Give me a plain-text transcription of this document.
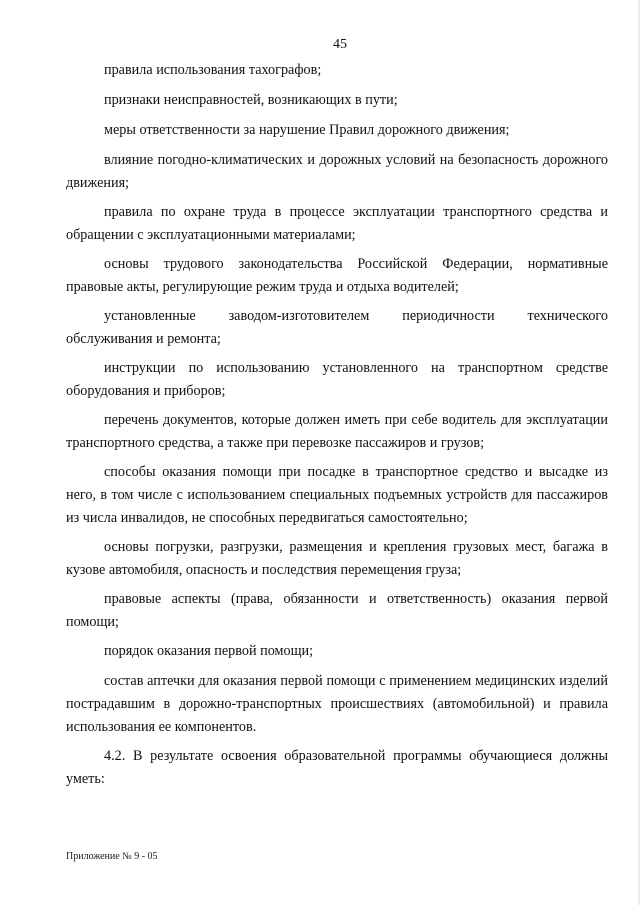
45

правила использования тахографов;

признаки неисправностей, возникающих в пути;

меры ответственности за нарушение Правил дорожного движения;

влияние погодно-климатических и дорожных условий на безопасность дорожного движения;

правила по охране труда в процессе эксплуатации транспортного средства и обращении с эксплуатационными материалами;

основы трудового законодательства Российской Федерации, нормативные правовые акты, регулирующие режим труда и отдыха водителей;

установленные заводом-изготовителем периодичности технического обслуживания и ремонта;

инструкции по использованию установленного на транспортном средстве оборудования и приборов;

перечень документов, которые должен иметь при себе водитель для эксплуатации транспортного средства, а также при перевозке пассажиров и грузов;

способы оказания помощи при посадке в транспортное средство и высадке из него, в том числе с использованием специальных подъемных устройств для пассажиров из числа инвалидов, не способных передвигаться самостоятельно;

основы погрузки, разгрузки, размещения и крепления грузовых мест, багажа в кузове автомобиля, опасность и последствия перемещения груза;

правовые аспекты (права, обязанности и ответственность) оказания первой помощи;

порядок оказания первой помощи;

состав аптечки для оказания первой помощи с применением медицинских изделий пострадавшим в дорожно-транспортных происшествиях (автомобильной) и правила использования ее компонентов.

4.2. В результате освоения образовательной программы обучающиеся должны уметь:

Приложение № 9 - 05
